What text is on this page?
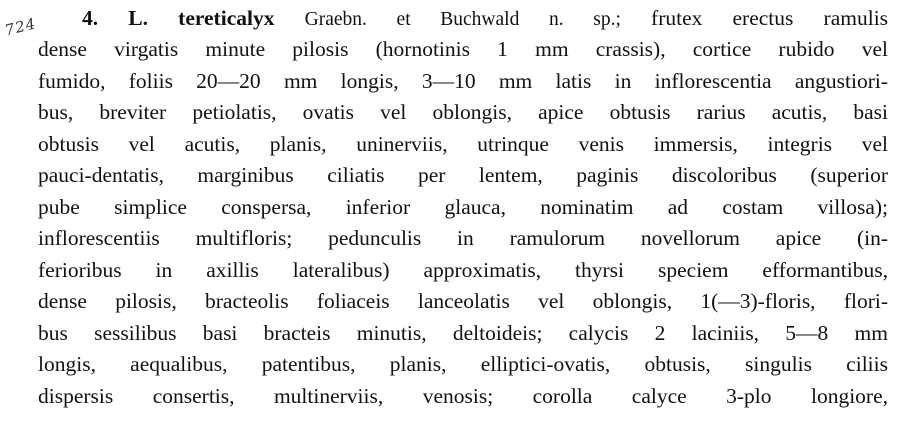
724 4. L. tereticalyx Graebn. et Buchwald n. sp.; frutex erectus ramulis
dense virgatis minute pilosis (hornotinis 1 mm crassis), cortice rubido vel
fumido, foliis 20—20 mm longis, 3—10 mm latis in inflorescentia angustiori-
bus, breviter petiolatis, ovatis vel oblongis, apice obtusis rarius acutis, basi
obtusis vel acutis, planis, uninerviis, utrinque venis immersis, integris vel
pauci-dentatis, marginibus ciliatis per lentem, paginis discoloribus (superior
pube simplice conspersa, inferior glauca, nominatim ad costam villosa);
inflorescentiis multifloris; pedunculis in ramulorum novellorum apice (in-
ferioribus in axillis lateralibus) approximatis, thyrsi speciem efformantibus,
dense pilosis, bracteolis foliaceis lanceolatis vel oblongis, 1(—3)-floris, flori-
bus sessilibus basi bracteis minutis, deltoideis; calycis 2 laciniis, 5—8 mm
longis, aequalibus, patentibus, planis, elliptici-ovatis, obtusis, singulis ciliis
dispersis consertis, multinerviis, venosis; corolla calyce 3-plo longiore,
